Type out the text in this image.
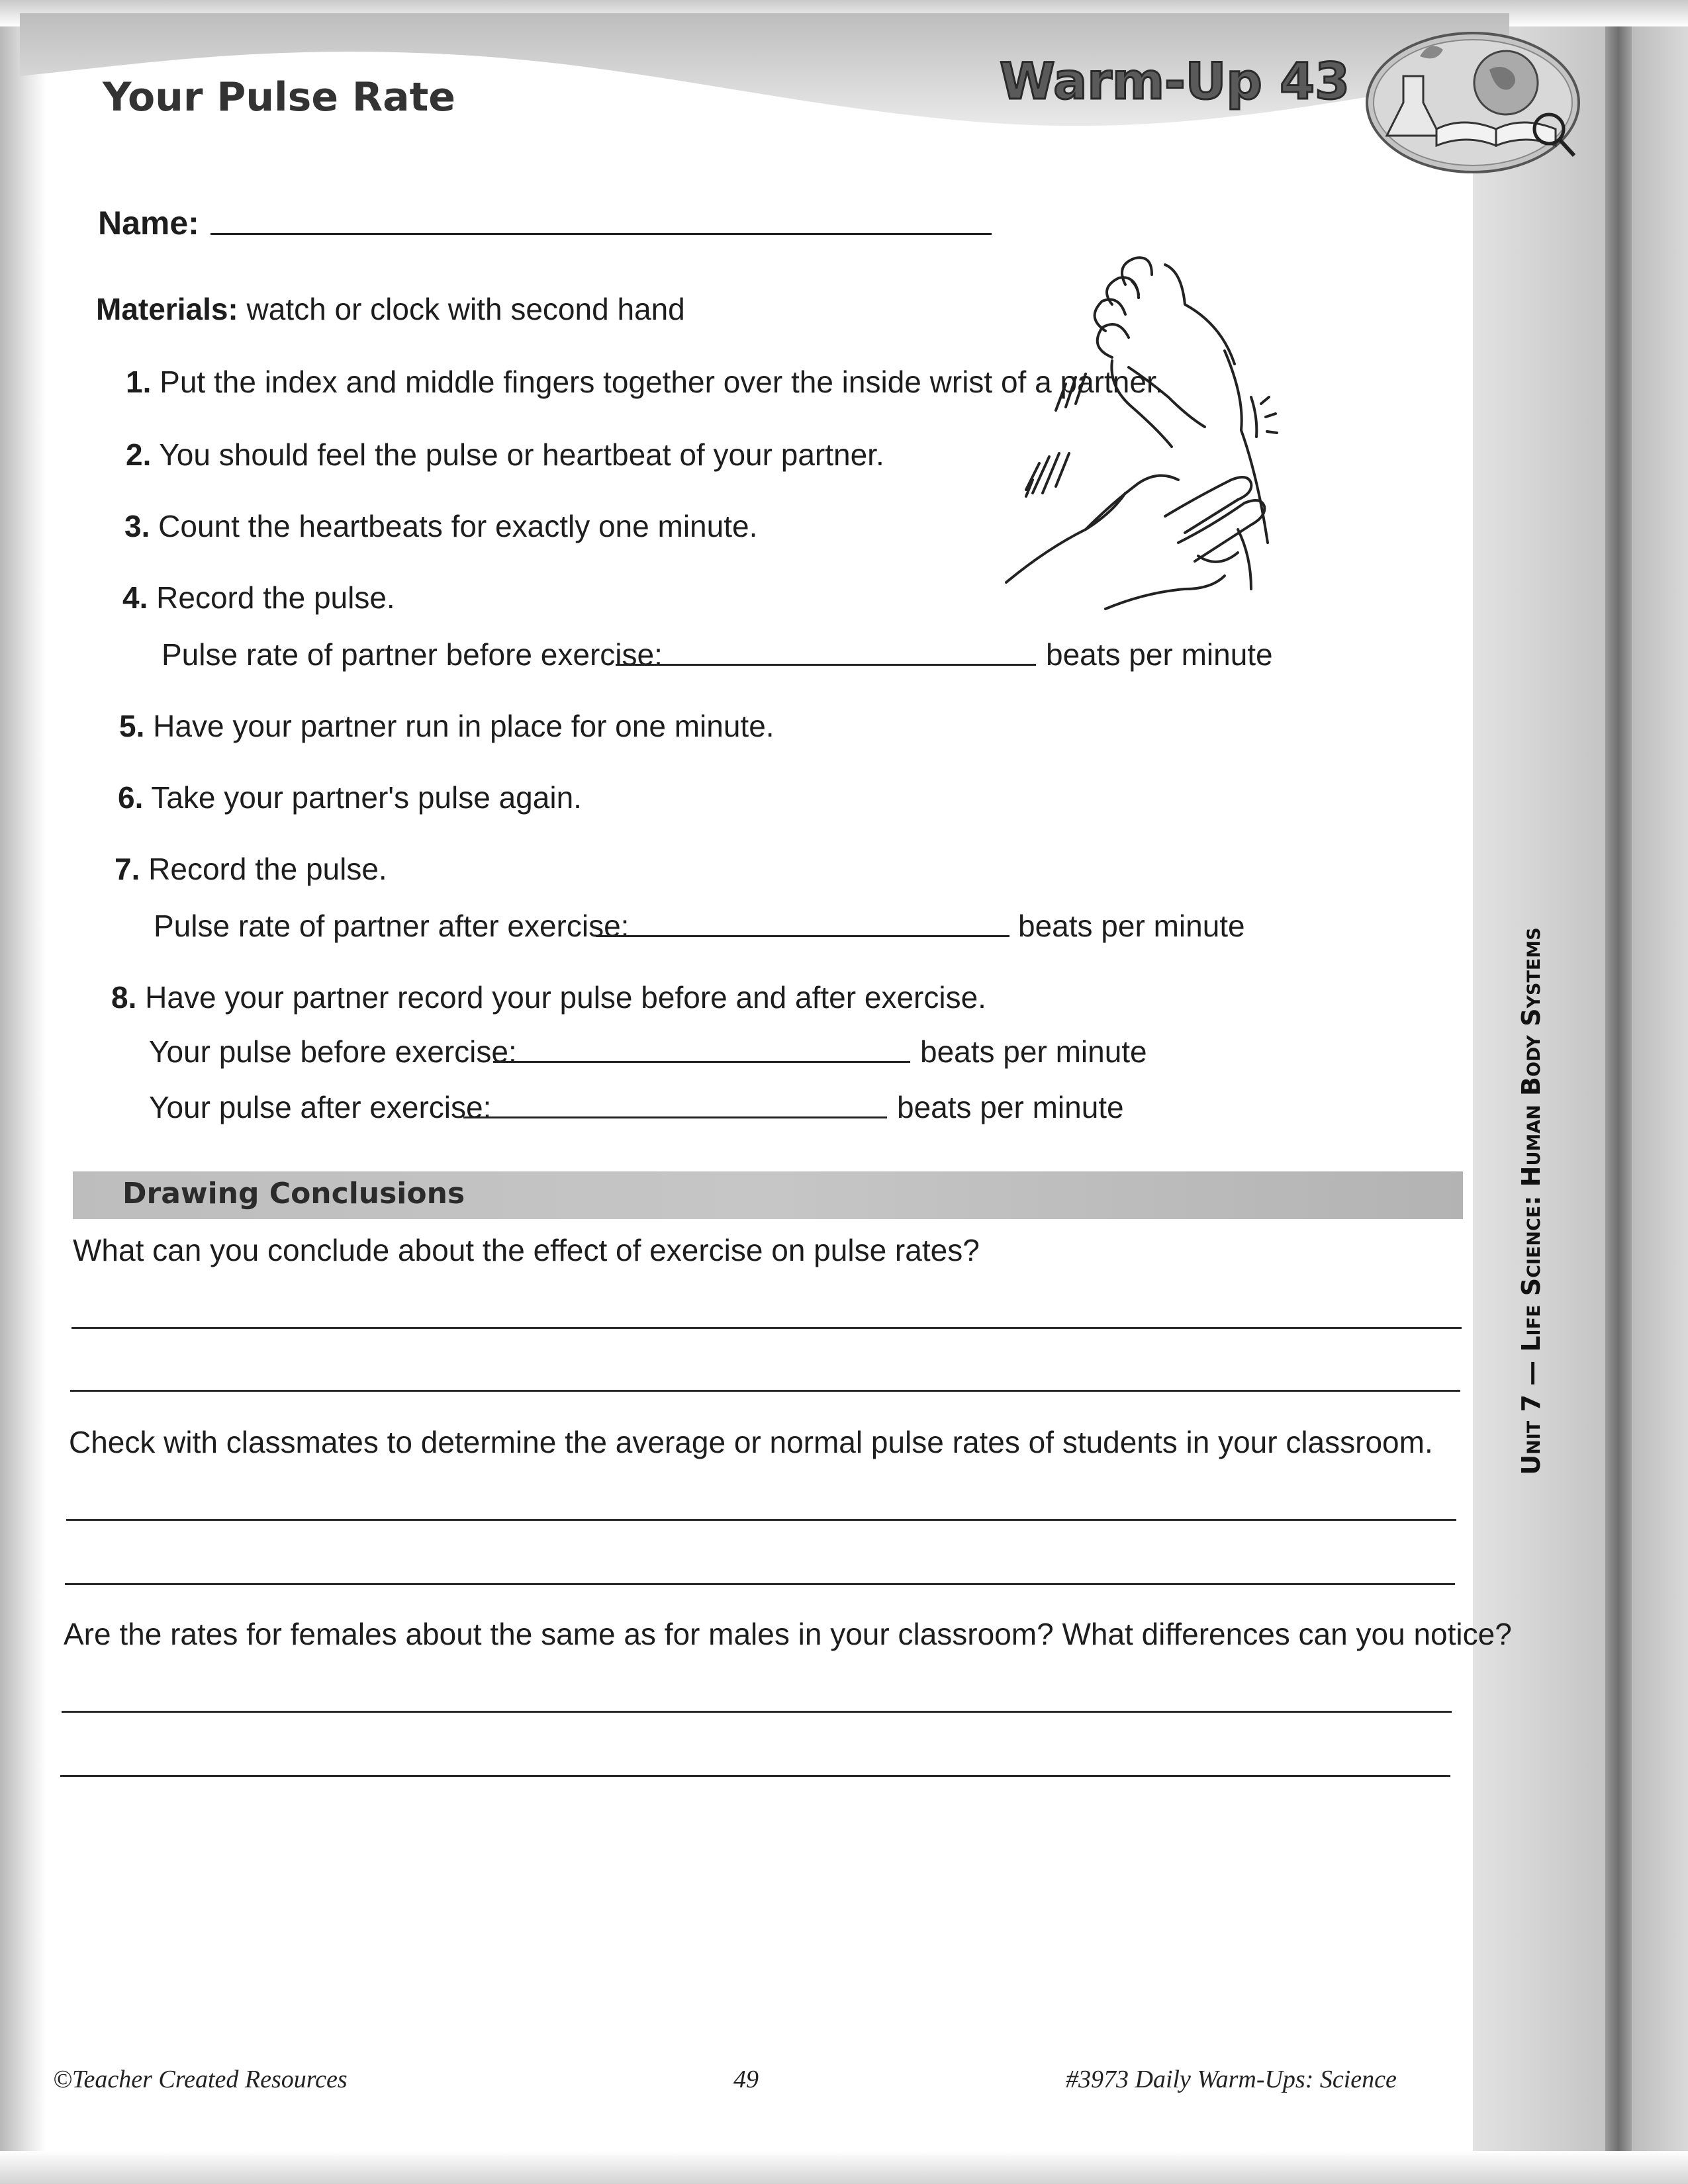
Your Pulse Rate	Warm-Up 43
Name:
Materials: watch or clock with second hand
1. Put the index and middle fingers together over the inside wrist of a partner.
2. You should feel the pulse or heartbeat of your partner.
3. Count the heartbeats for exactly one minute.
4. Record the pulse.
Pulse rate of partner before exercise:	beats per minute
5. Have your partner run in place for one minute.
6. Take your partner's pulse again.
7. Record the pulse.
Pulse rate of partner after exercise:	beats per minute
8. Have your partner record your pulse before and after exercise.
Your pulse before exercise:	beats per minute
Your pulse after exercise:	beats per minute
Drawing Conclusions
What can you conclude about the effect of exercise on pulse rates?
Check with classmates to determine the average or normal pulse rates of students in your classroom.
Are the rates for females about the same as for males in your classroom? What differences can you notice?
Unit 7 — Life Science: Human Body Systems
©Teacher Created Resources	49	#3973 Daily Warm-Ups: Science
